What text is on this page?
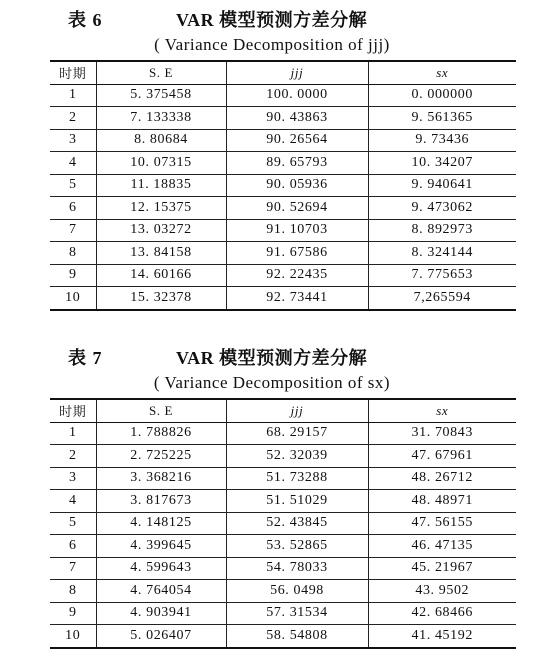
表 6	VAR 模型预测方差分解
( Variance Decomposition of jjj)
时期	S. E	jjj	sx
1	5. 375458	100. 0000	0. 000000
2	7. 133338	90. 43863	9. 561365
3	8. 80684	90. 26564	9. 73436
4	10. 07315	89. 65793	10. 34207
5	11. 18835	90. 05936	9. 940641
6	12. 15375	90. 52694	9. 473062
7	13. 03272	91. 10703	8. 892973
8	13. 84158	91. 67586	8. 324144
9	14. 60166	92. 22435	7. 775653
10	15. 32378	92. 73441	7,265594
表 7	VAR 模型预测方差分解
( Variance Decomposition of sx)
时期	S. E	jjj	sx
1	1. 788826	68. 29157	31. 70843
2	2. 725225	52. 32039	47. 67961
3	3. 368216	51. 73288	48. 26712
4	3. 817673	51. 51029	48. 48971
5	4. 148125	52. 43845	47. 56155
6	4. 399645	53. 52865	46. 47135
7	4. 599643	54. 78033	45. 21967
8	4. 764054	56. 0498	43. 9502
9	4. 903941	57. 31534	42. 68466
10	5. 026407	58. 54808	41. 45192
